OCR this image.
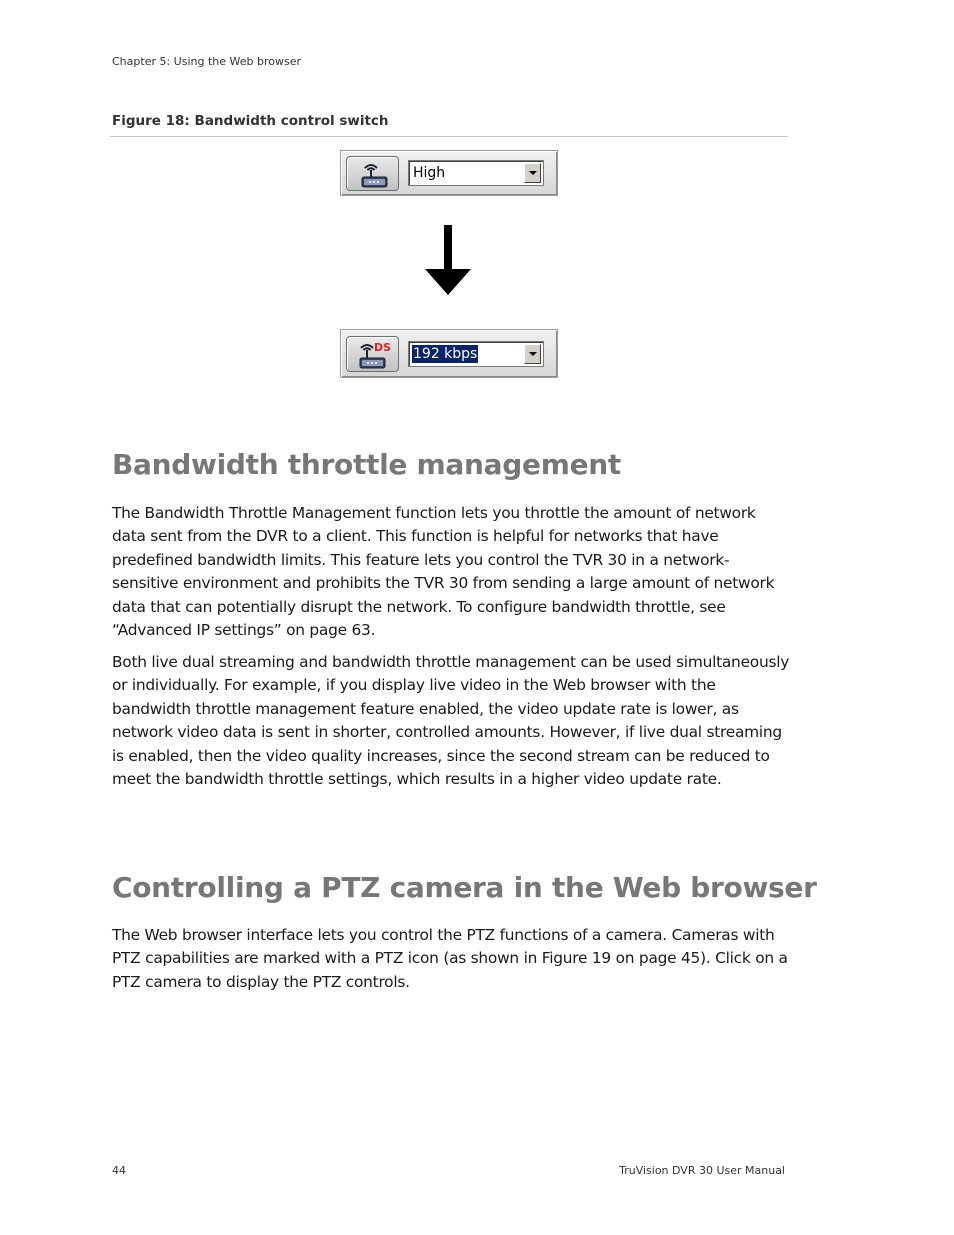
Chapter 5: Using the Web browser
Figure 18: Bandwidth control switch
High
DS 192 kbps
Bandwidth throttle management

The Bandwidth Throttle Management function lets you throttle the amount of network data sent from the DVR to a client. This function is helpful for networks that have predefined bandwidth limits. This feature lets you control the TVR 30 in a network-sensitive environment and prohibits the TVR 30 from sending a large amount of network data that can potentially disrupt the network. To configure bandwidth throttle, see “Advanced IP settings” on page 63.

Both live dual streaming and bandwidth throttle management can be used simultaneously or individually. For example, if you display live video in the Web browser with the bandwidth throttle management feature enabled, the video update rate is lower, as network video data is sent in shorter, controlled amounts. However, if live dual streaming is enabled, then the video quality increases, since the second stream can be reduced to meet the bandwidth throttle settings, which results in a higher video update rate.

Controlling a PTZ camera in the Web browser

The Web browser interface lets you control the PTZ functions of a camera. Cameras with PTZ capabilities are marked with a PTZ icon (as shown in Figure 19 on page 45). Click on a PTZ camera to display the PTZ controls.

44	TruVision DVR 30 User Manual
